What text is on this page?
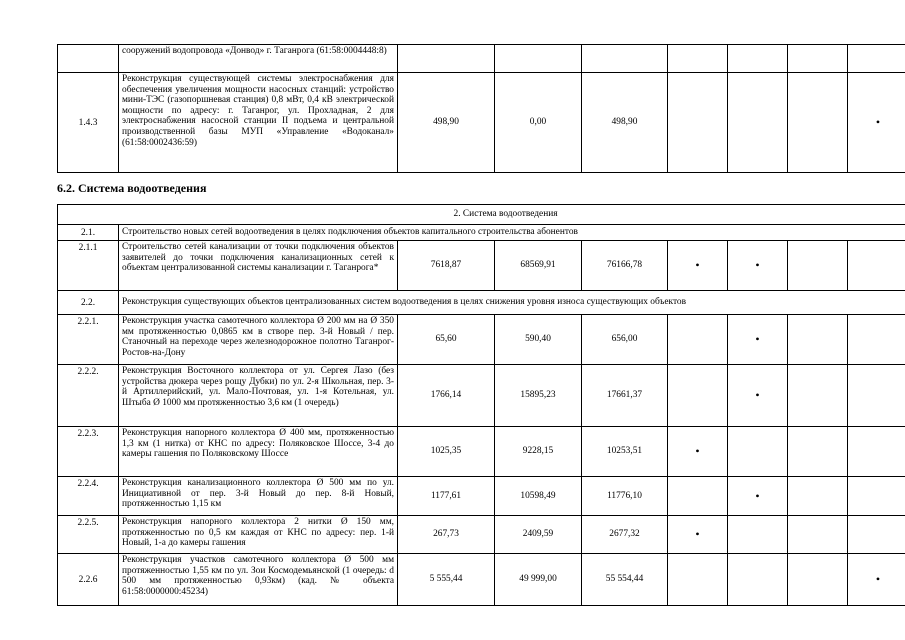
	сооружений водопровода «Донвод» г. Таганрога (61:58:0004448:8)							
1.4.3	Реконструкция существующей системы электроснабжения для обеспечения увеличения мощности насосных станций: устройство мини-ТЭС (газопоршневая станция) 0,8 мВт, 0,4 кВ электрической мощности по адресу: г. Таганрог, ул. Прохладная, 2 для электроснабжения насосной станции II подъема и центральной производственной базы МУП «Управление «Водоканал» (61:58:0002436:59)	498,90	0,00	498,90				•
6.2. Система водоотведения
2. Система водоотведения									
2.1.	Строительство новых сетей водоотведения в целях подключения объектов капитального строительства абонентов								
2.1.1	Строительство сетей канализации от точки подключения объектов заявителей до точки подключения канализационных сетей к объектам централизованной системы канализации г. Таганрога*	7618,87	68569,91	76166,78	•	•			
2.2.	Реконструкция существующих объектов централизованных систем водоотведения в целях снижения уровня износа существующих объектов								
2.2.1.	Реконструкция участка самотечного коллектора Ø 200 мм на Ø 350 мм протяженностью 0,0865 км в створе пер. 3-й Новый / пер. Станочный на переходе через железнодорожное полотно Таганрог-Ростов-на-Дону	65,60	590,40	656,00		•			
2.2.2.	Реконструкция Восточного коллектора от ул. Сергея Лазо (без устройства дюкера через рощу Дубки) по ул. 2-я Школьная, пер. 3-й Артиллерийский, ул. Мало-Почтовая, ул. 1-я Котельная, ул. Штыба Ø 1000 мм протяженностью 3,6 км (1 очередь)	1766,14	15895,23	17661,37		•			
2.2.3.	Реконструкция напорного коллектора Ø 400 мм, протяженностью 1,3 км (1 нитка) от КНС по адресу: Поляковское Шоссе, 3-4 до камеры гашения по Поляковскому Шоссе	1025,35	9228,15	10253,51	•				
2.2.4.	Реконструкция канализационного коллектора Ø 500 мм по ул. Инициативной от пер. 3-й Новый до пер. 8-й Новый, протяженностью 1,15 км	1177,61	10598,49	11776,10		•			
2.2.5.	Реконструкция напорного коллектора 2 нитки Ø 150 мм, протяженностью по 0,5 км каждая от КНС по адресу: пер. 1-й Новый, 1-а до камеры гашения	267,73	2409,59	2677,32	•				
2.2.6	Реконструкция участков самотечного коллектора Ø 500 мм протяженностью 1,55 км по ул. Зои Космодемьянской (1 очередь: d 500 мм протяженностью 0,93км) (кад. № объекта 61:58:0000000:45234)	5 555,44	49 999,00	55 554,44				•	
